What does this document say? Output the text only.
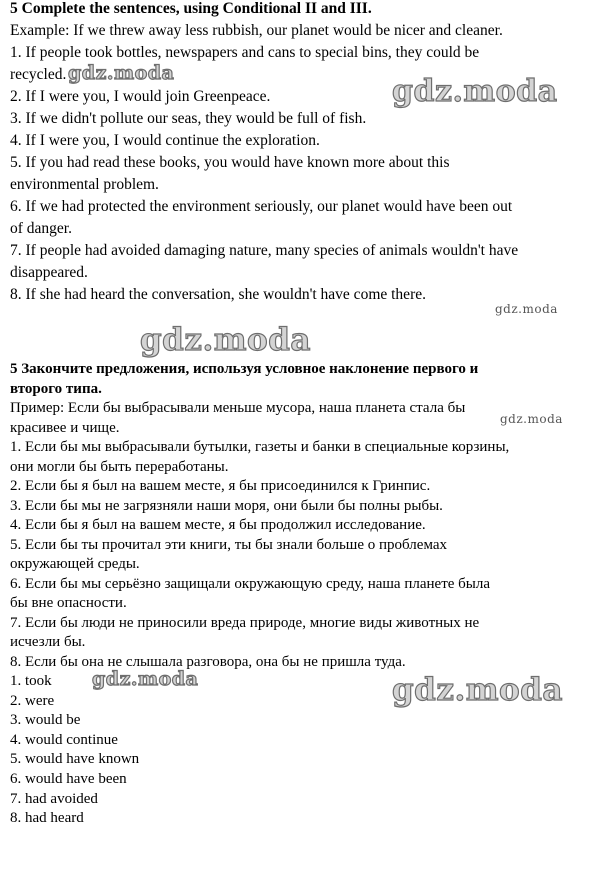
5 Complete the sentences, using Conditional II and III.

Example: If we threw away less rubbish, our planet would be nicer and cleaner.

1. If people took bottles, newspapers and cans to special bins, they could be

recycled.

2. If I were you, I would join Greenpeace.

3. If we didn't pollute our seas, they would be full of fish.

4. If I were you, I would continue the exploration.

5. If you had read these books, you would have known more about this

environmental problem.

6. If we had protected the environment seriously, our planet would have been out

of danger.

7. If people had avoided damaging nature, many species of animals wouldn't have

disappeared.

8. If she had heard the conversation, she wouldn't have come there.

5 Закончите предложения, используя условное наклонение первого и

второго типа.

Пример: Если бы выбрасывали меньше мусора, наша планета стала бы

красивее и чище.

1. Если бы мы выбрасывали бутылки, газеты и банки в специальные корзины,

они могли бы быть переработаны.

2. Если бы я был на вашем месте, я бы присоединился к Гринпис.

3. Если бы мы не загрязняли наши моря, они были бы полны рыбы.

4. Если бы я был на вашем месте, я бы продолжил исследование.

5. Если бы ты прочитал эти книги, ты бы знали больше о проблемах

окружающей среды.

6. Если бы мы серьёзно защищали окружающую среду, наша планете была

бы вне опасности.

7. Если бы люди не приносили вреда природе, многие виды животных не

исчезли бы.

8. Если бы она не слышала разговора, она бы не пришла туда.

1. took

2. were

3. would be

4. would continue

5. would have known

6. would have been

7. had avoided

8. had heard

gdz.moda
gdz.moda
gdz.moda
gdz.moda
gdz.moda
gdz.moda	gdz.moda
